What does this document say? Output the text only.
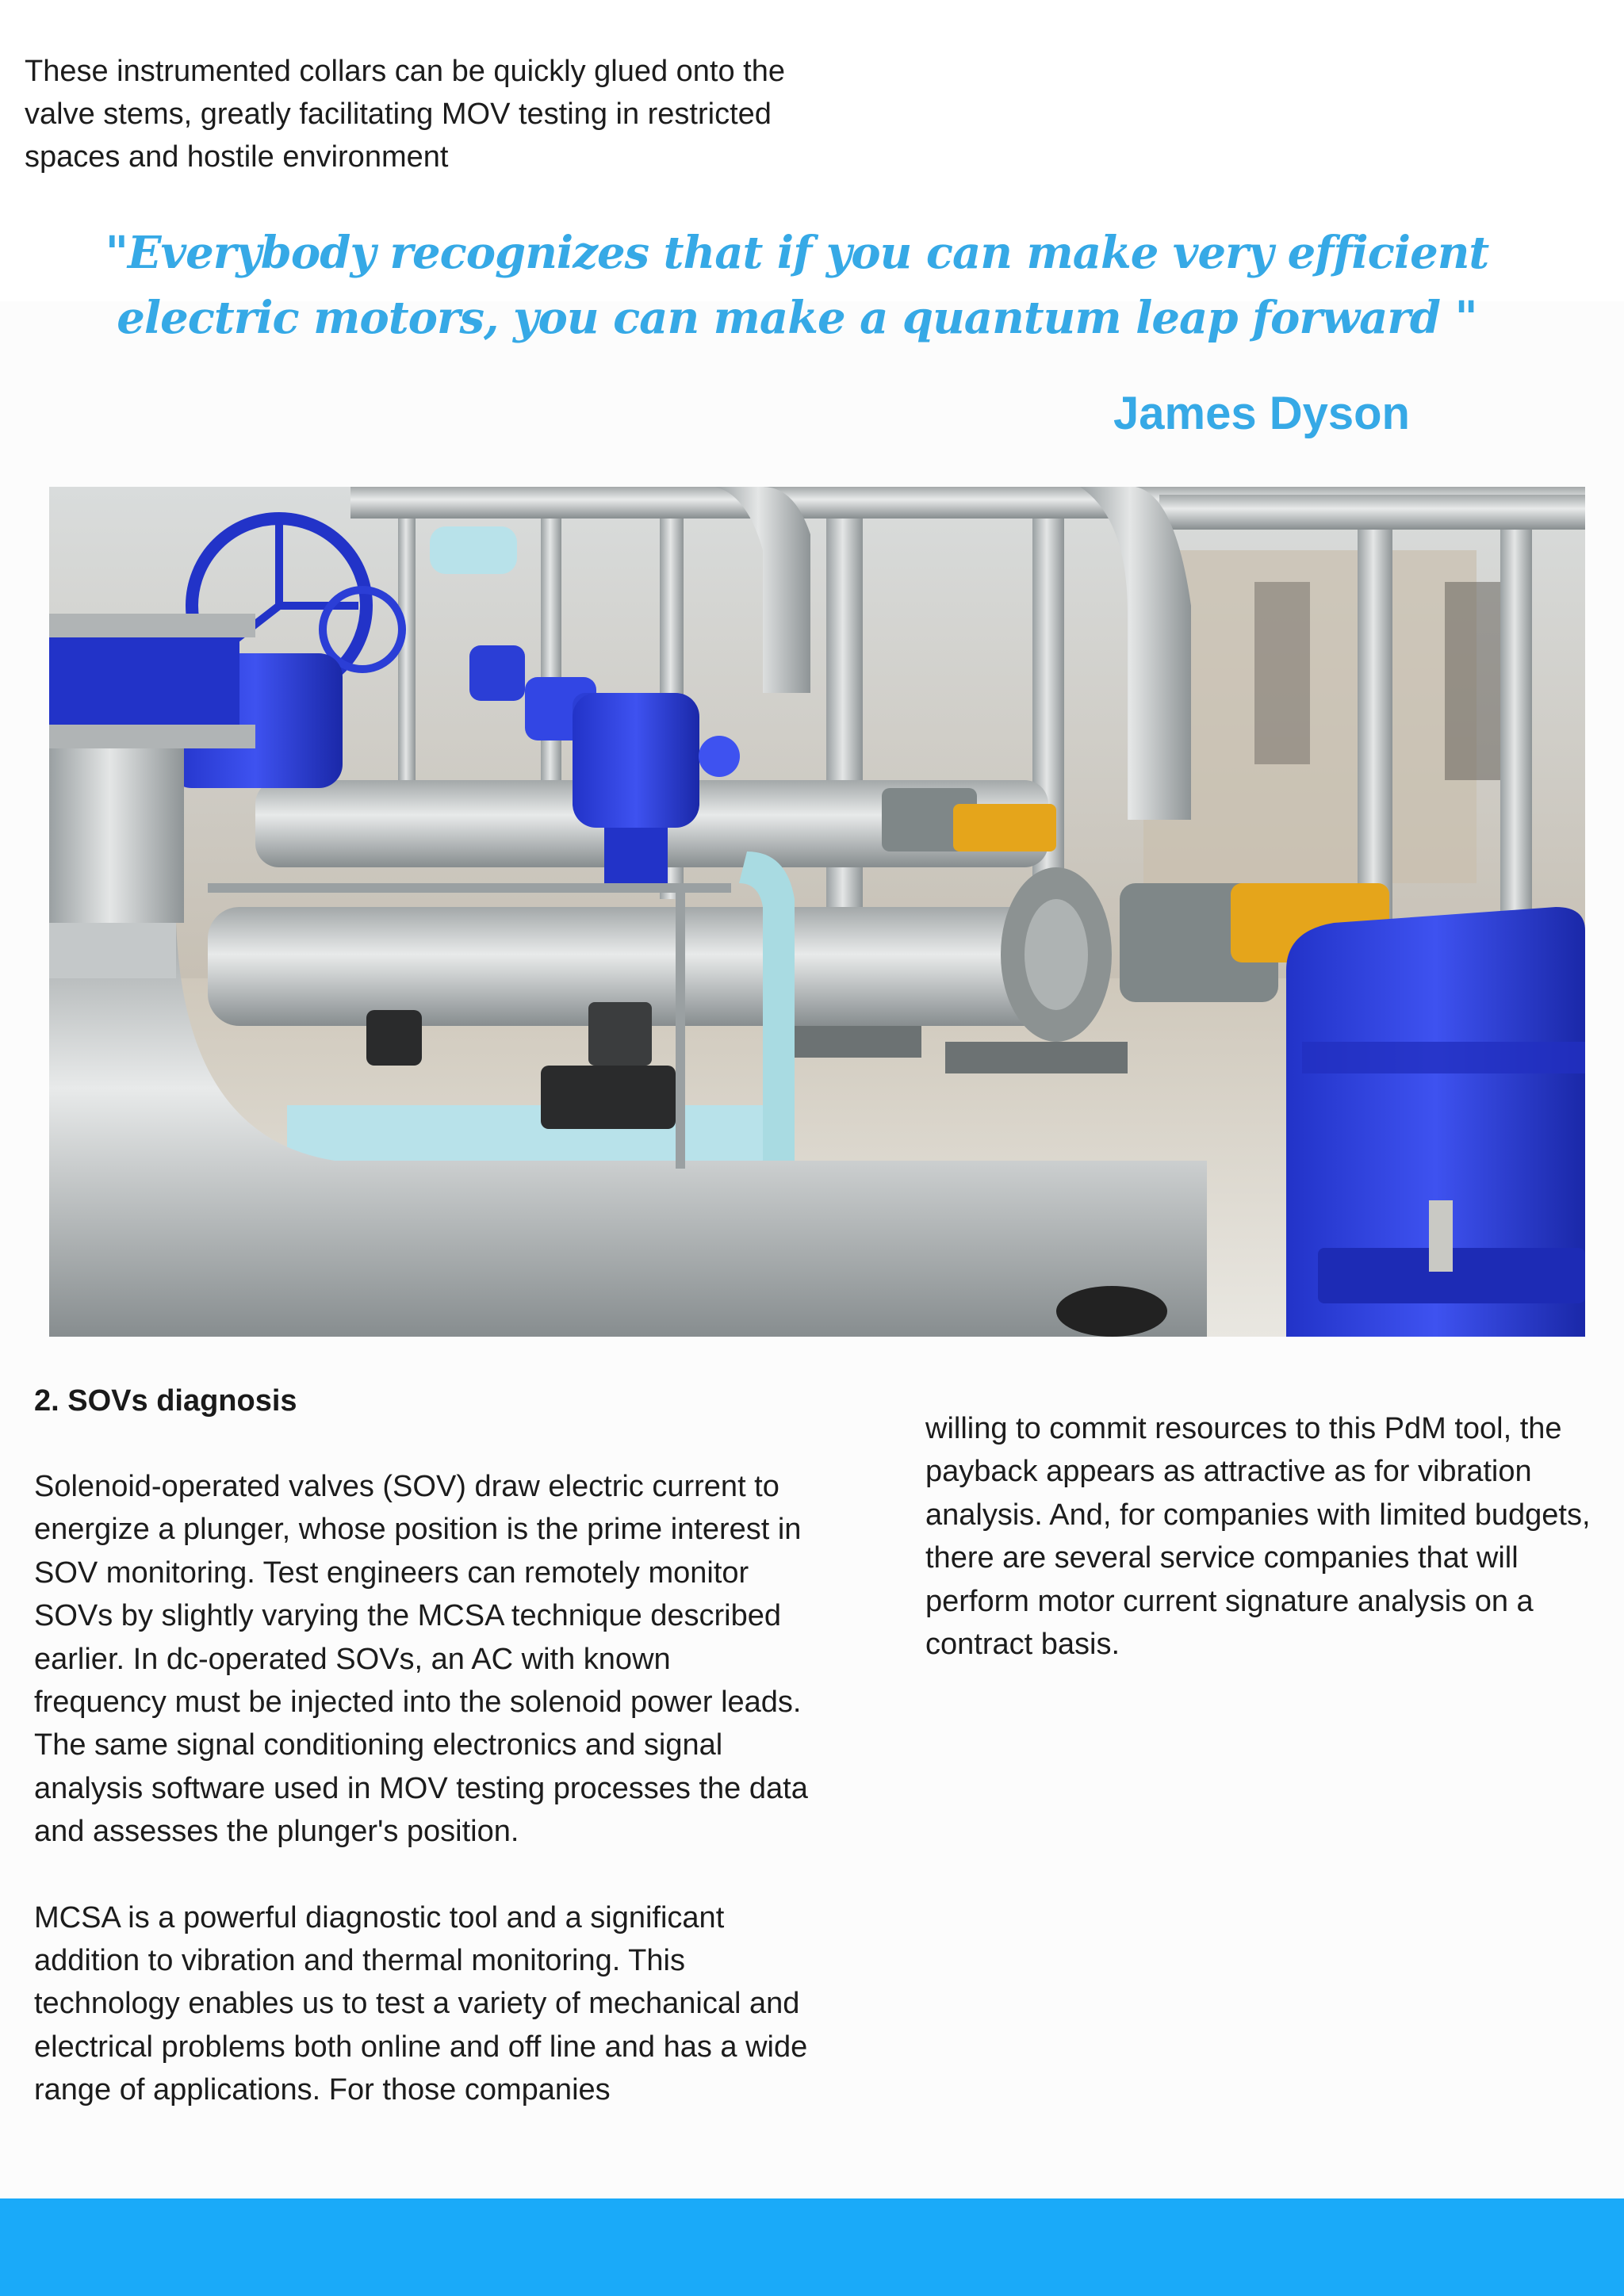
These instrumented collars can be quickly glued onto the valve stems, greatly facilitating MOV testing in restricted spaces and hostile environment

"Everybody recognizes that if you can make very efficient electric motors, you can make a quantum leap forward "

James Dyson

2. SOVs diagnosis

Solenoid-operated valves (SOV) draw electric current to energize a plunger, whose position is the prime interest in SOV monitoring. Test engineers can remotely monitor SOVs by slightly varying the MCSA technique described earlier. In dc-operated SOVs, an AC with known frequency must be injected into the solenoid power leads. The same signal conditioning electronics and signal analysis software used in MOV testing processes the data and assesses the plunger's position.

MCSA is a powerful diagnostic tool and a significant addition to vibration and thermal monitoring. This technology enables us to test a variety of mechanical and electrical problems both online and off line and has a wide range of applications. For those companies

willing to commit resources to this PdM tool, the payback appears as attractive as for vibration analysis. And, for companies with limited budgets, there are several service companies that will perform motor current signature analysis on a contract basis.
